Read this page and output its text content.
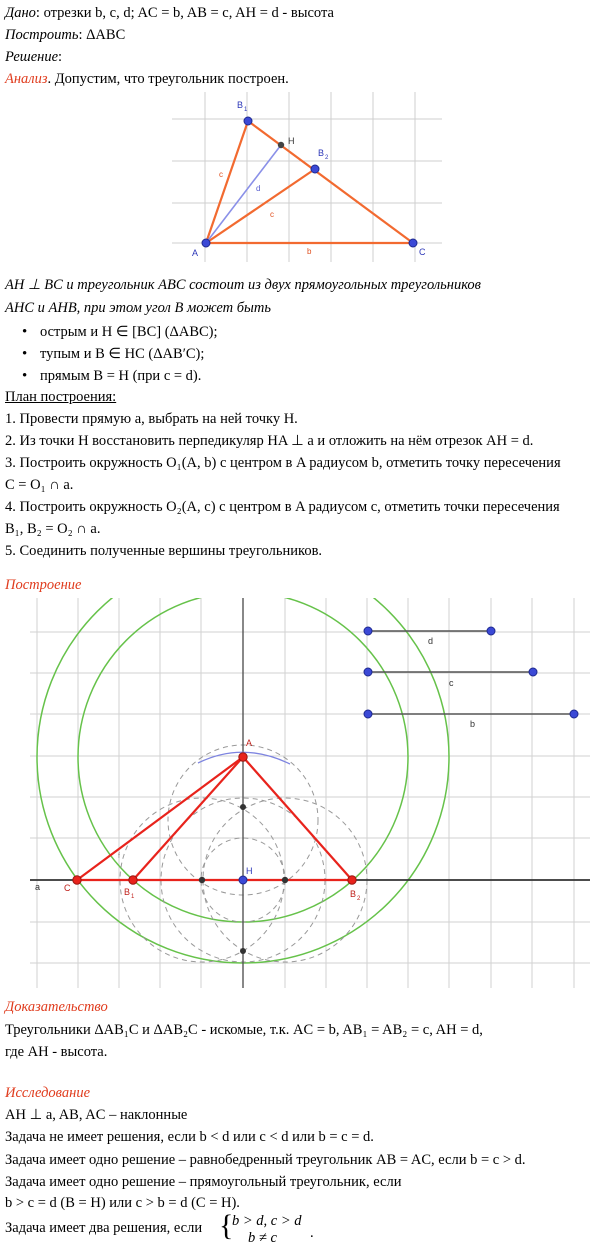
Дано: отрезки b, c, d; AC = b, AB = c, AH = d - высота
Построить: ΔABC
Решение:
Анализ. Допустим, что треугольник построен.
B 1
B 2
A	C
H
c
c
b
d
AH ⊥ BC и треугольник ABC состоит из двух прямоугольных треугольников
AHC и AHB, при этом угол B может быть
• острым и H ∈ [BC] (ΔABC);
• тупым и B ∈ HC (ΔAB′C);
• прямым B = H (при c = d).
План построения:
1. Провести прямую a, выбрать на ней точку H.
2. Из точки H восстановить перпедикуляр HA ⊥ a и отложить на нём отрезок AH = d.
3. Построить окружность O₁(A, b) с центром в A радиусом b, отметить точку пересечения
C = O₁ ∩ a.
4. Построить окружность O₂(A, c) с центром в A радиусом c, отметить точки пересечения
B₁, B₂ = O₂ ∩ a.
5. Соединить полученные вершины треугольников.
Построение
d
c
b
a
f
A
C	B 1	B 2
H
Доказательство
Треугольники ΔAB₁C и ΔAB₂C - искомые, т.к. AC = b, AB₁ = AB₂ = c, AH = d,
где AH - высота.
Исследование
AH ⊥ a, AB, AC – наклонные
Задача не имеет решения, если b < d или c < d или b = c = d.
Задача имеет одно решение – равнобедренный треугольник AB = AC, если b = c > d.
Задача имеет одно решение – прямоугольный треугольник, если
b > c = d (B = H) или c > b = d (C = H).
Задача имеет два решения, если {
b > d, c > d
b ≠ c .
